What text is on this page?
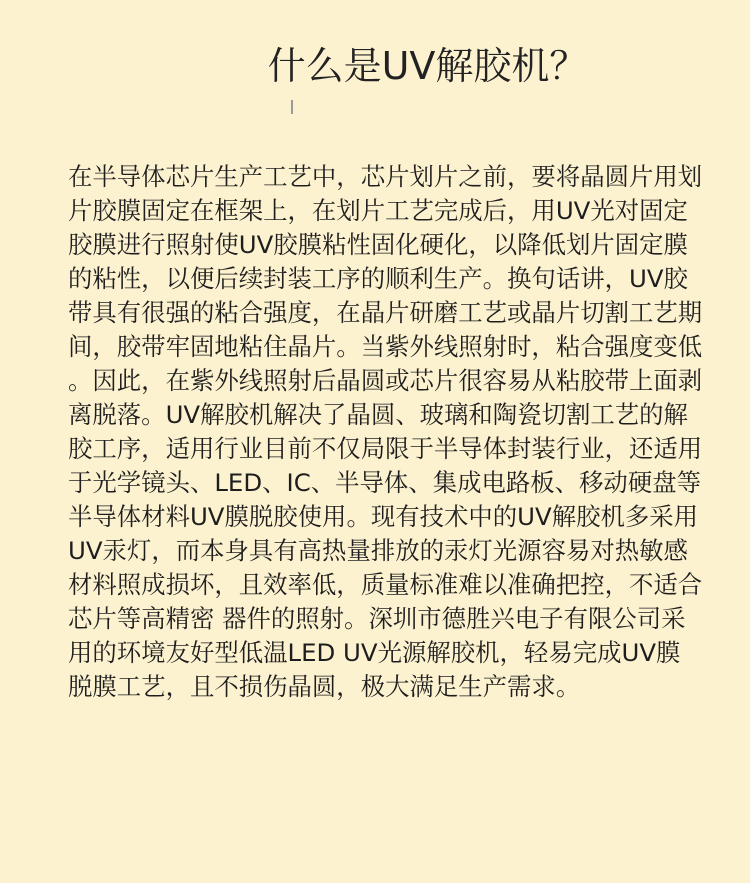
什么是UV解胶机？
在半导体芯片生产工艺中，芯片划片之前，要将晶圆片用划
片胶膜固定在框架上，在划片工艺完成后，用UV光对固定
胶膜进行照射使UV胶膜粘性固化硬化，以降低划片固定膜
的粘性，以便后续封装工序的顺利生产。换句话讲，UV胶
带具有很强的粘合强度，在晶片研磨工艺或晶片切割工艺期
间，胶带牢固地粘住晶片。当紫外线照射时，粘合强度变低
。因此，在紫外线照射后晶圆或芯片很容易从粘胶带上面剥
离脱落。UV解胶机解决了晶圆、玻璃和陶瓷切割工艺的解
胶工序，适用行业目前不仅局限于半导体封装行业，还适用
于光学镜头、LED、IC、半导体、集成电路板、移动硬盘等
半导体材料UV膜脱胶使用。现有技术中的UV解胶机多采用
UV汞灯，而本身具有高热量排放的汞灯光源容易对热敏感
材料照成损坏，且效率低，质量标准难以准确把控，不适合
芯片等高精密 器件的照射。深圳市德胜兴电子有限公司采
用的环境友好型低温LED UV光源解胶机，轻易完成UV膜
脱膜工艺，且不损伤晶圆，极大满足生产需求。
